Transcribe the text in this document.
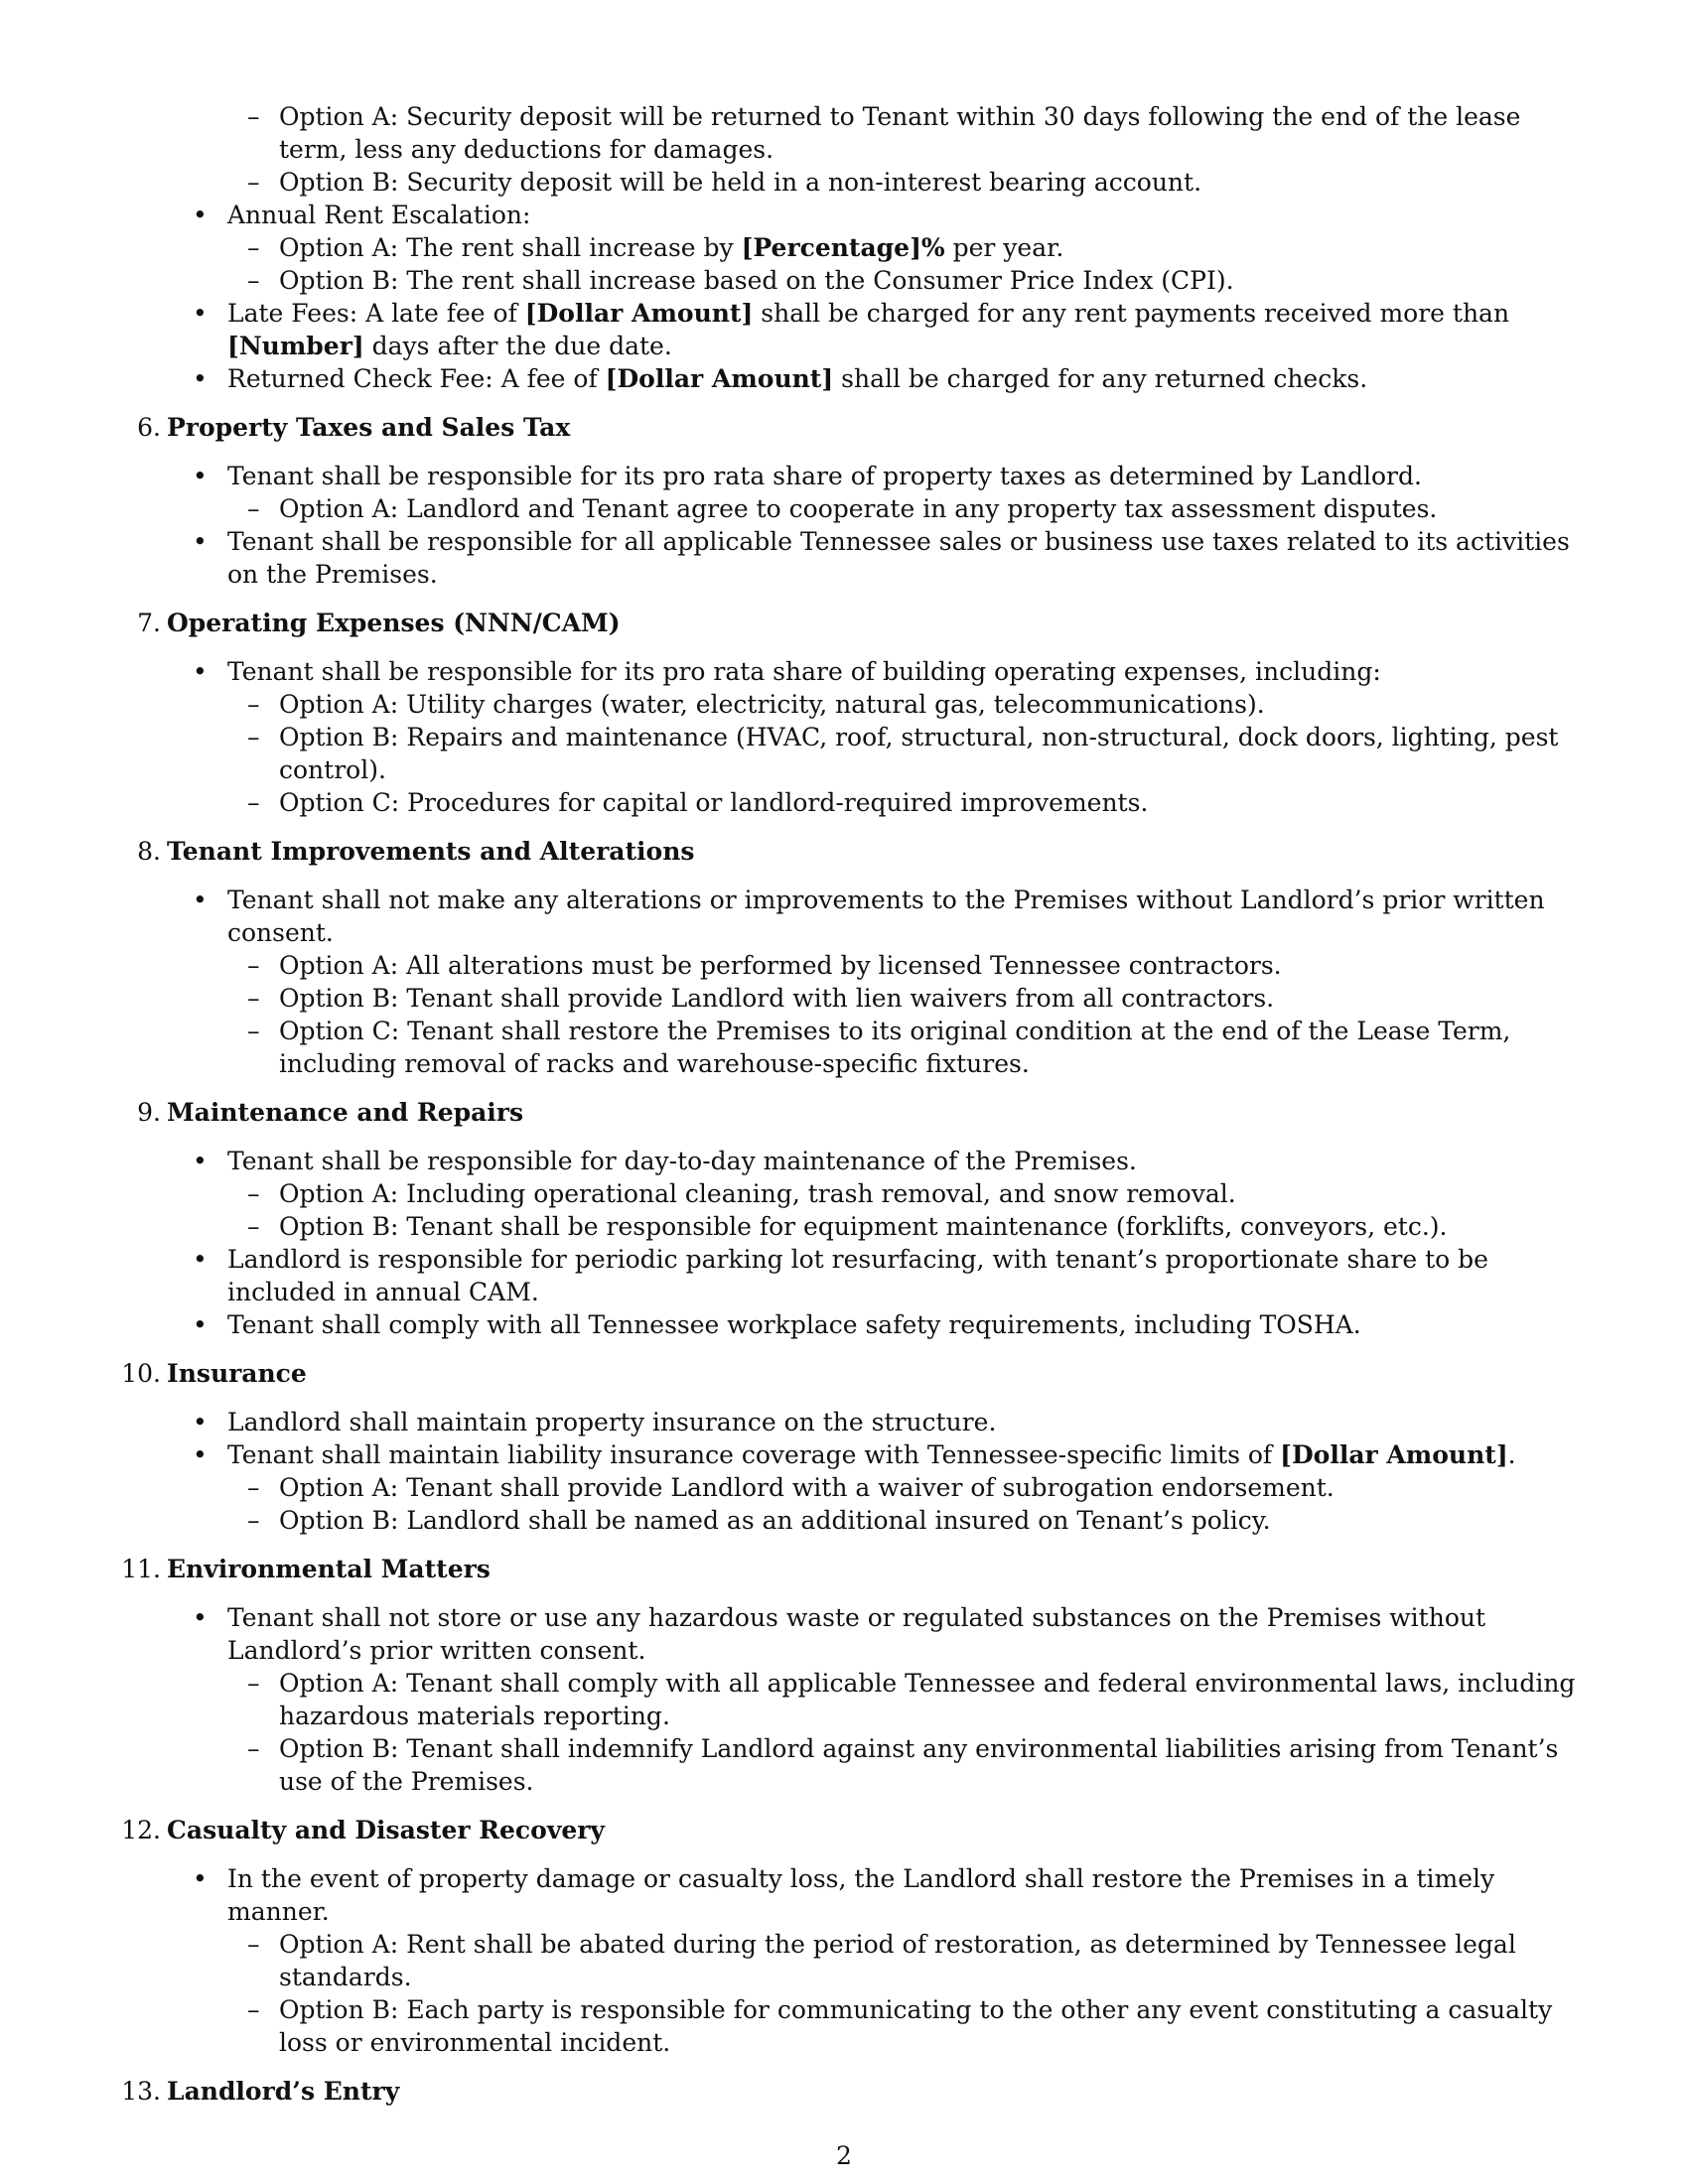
– Option A: Security deposit will be returned to Tenant within 30 days following the end of the lease term, less any deductions for damages.
– Option B: Security deposit will be held in a non-interest bearing account.
• Annual Rent Escalation:
– Option A: The rent shall increase by [Percentage]% per year.
– Option B: The rent shall increase based on the Consumer Price Index (CPI).
• Late Fees: A late fee of [Dollar Amount] shall be charged for any rent payments received more than [Number] days after the due date.
• Returned Check Fee: A fee of [Dollar Amount] shall be charged for any returned checks.
6. Property Taxes and Sales Tax
• Tenant shall be responsible for its pro rata share of property taxes as determined by Landlord.
– Option A: Landlord and Tenant agree to cooperate in any property tax assessment disputes.
• Tenant shall be responsible for all applicable Tennessee sales or business use taxes related to its activities on the Premises.
7. Operating Expenses (NNN/CAM)
• Tenant shall be responsible for its pro rata share of building operating expenses, including:
– Option A: Utility charges (water, electricity, natural gas, telecommunications).
– Option B: Repairs and maintenance (HVAC, roof, structural, non-structural, dock doors, lighting, pest control).
– Option C: Procedures for capital or landlord-required improvements.
8. Tenant Improvements and Alterations
• Tenant shall not make any alterations or improvements to the Premises without Landlord’s prior written consent.
– Option A: All alterations must be performed by licensed Tennessee contractors.
– Option B: Tenant shall provide Landlord with lien waivers from all contractors.
– Option C: Tenant shall restore the Premises to its original condition at the end of the Lease Term, including removal of racks and warehouse-specific fixtures.
9. Maintenance and Repairs
• Tenant shall be responsible for day-to-day maintenance of the Premises.
– Option A: Including operational cleaning, trash removal, and snow removal.
– Option B: Tenant shall be responsible for equipment maintenance (forklifts, conveyors, etc.).
• Landlord is responsible for periodic parking lot resurfacing, with tenant’s proportionate share to be included in annual CAM.
• Tenant shall comply with all Tennessee workplace safety requirements, including TOSHA.
10. Insurance
• Landlord shall maintain property insurance on the structure.
• Tenant shall maintain liability insurance coverage with Tennessee-specific limits of [Dollar Amount].
– Option A: Tenant shall provide Landlord with a waiver of subrogation endorsement.
– Option B: Landlord shall be named as an additional insured on Tenant’s policy.
11. Environmental Matters
• Tenant shall not store or use any hazardous waste or regulated substances on the Premises without Landlord’s prior written consent.
– Option A: Tenant shall comply with all applicable Tennessee and federal environmental laws, including hazardous materials reporting.
– Option B: Tenant shall indemnify Landlord against any environmental liabilities arising from Tenant’s use of the Premises.
12. Casualty and Disaster Recovery
• In the event of property damage or casualty loss, the Landlord shall restore the Premises in a timely manner.
– Option A: Rent shall be abated during the period of restoration, as determined by Tennessee legal standards.
– Option B: Each party is responsible for communicating to the other any event constituting a casualty loss or environmental incident.
13. Landlord’s Entry
2
